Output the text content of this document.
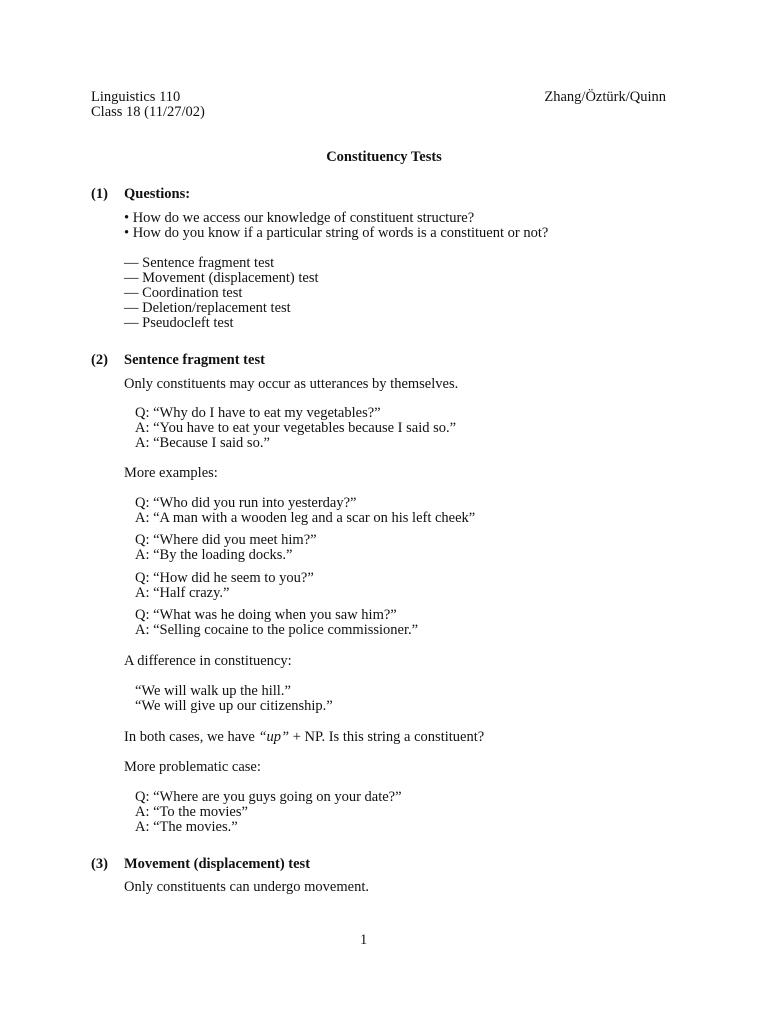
Linguistics 110
Class 18 (11/27/02)
Zhang/Öztürk/Quinn
Constituency Tests
(1) Questions:
• How do we access our knowledge of constituent structure?
• How do you know if a particular string of words is a constituent or not?
— Sentence fragment test
— Movement (displacement) test
— Coordination test
— Deletion/replacement test
— Pseudocleft test
(2) Sentence fragment test
Only constituents may occur as utterances by themselves.
Q: “Why do I have to eat my vegetables?”
A: “You have to eat your vegetables because I said so.”
A: “Because I said so.”
More examples:
Q: “Who did you run into yesterday?”
A: “A man with a wooden leg and a scar on his left cheek”
Q: “Where did you meet him?”
A: “By the loading docks.”
Q: “How did he seem to you?”
A: “Half crazy.”
Q: “What was he doing when you saw him?”
A: “Selling cocaine to the police commissioner.”
A difference in constituency:
“We will walk up the hill.”
“We will give up our citizenship.”
In both cases, we have “up” + NP. Is this string a constituent?
More problematic case:
Q: “Where are you guys going on your date?”
A: “To the movies”
A: “The movies.”
(3) Movement (displacement) test
Only constituents can undergo movement.
1
